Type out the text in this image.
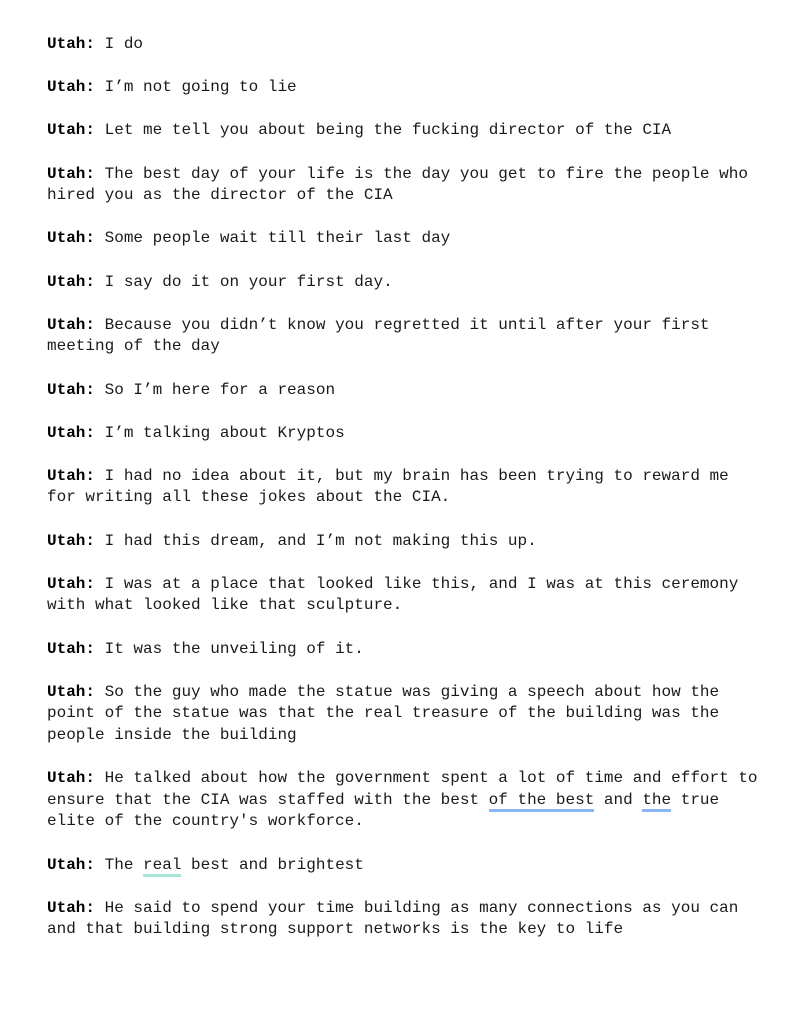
Utah: I do

Utah: I’m not going to lie

Utah: Let me tell you about being the fucking director of the CIA

Utah: The best day of your life is the day you get to fire the people who hired you as the director of the CIA

Utah: Some people wait till their last day

Utah: I say do it on your first day.

Utah: Because you didn’t know you regretted it until after your first meeting of the day

Utah: So I’m here for a reason

Utah: I’m talking about Kryptos

Utah: I had no idea about it, but my brain has been trying to reward me for writing all these jokes about the CIA.

Utah: I had this dream, and I’m not making this up.

Utah: I was at a place that looked like this, and I was at this ceremony with what looked like that sculpture.

Utah: It was the unveiling of it.

Utah: So the guy who made the statue was giving a speech about how the point of the statue was that the real treasure of the building was the people inside the building

Utah: He talked about how the government spent a lot of time and effort to ensure that the CIA was staffed with the best of the best and the true elite of the country's workforce.

Utah: The real best and brightest

Utah: He said to spend your time building as many connections as you can and that building strong support networks is the key to life
